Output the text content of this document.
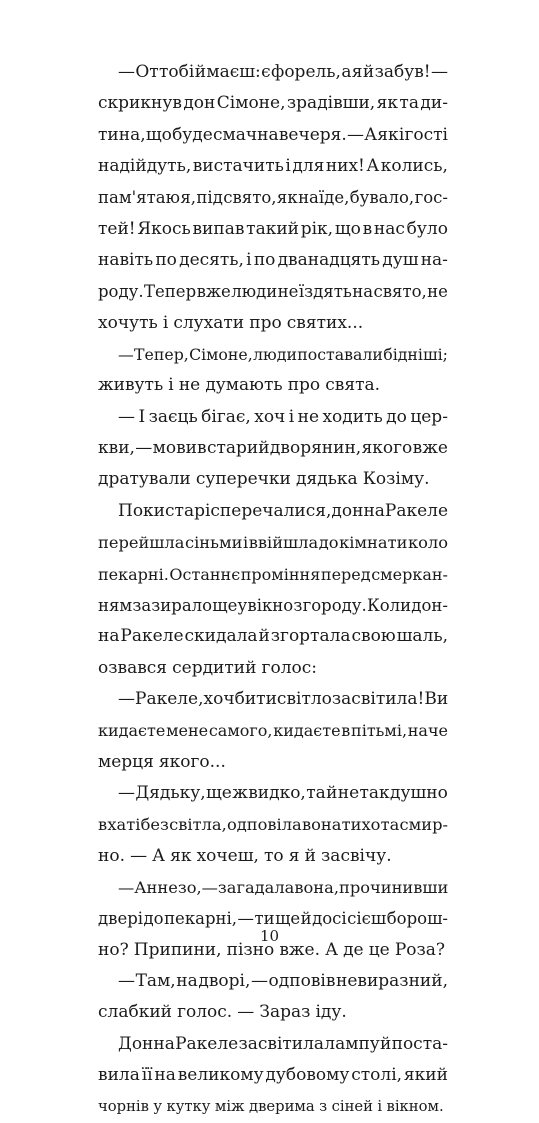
— От тобі й маєш: є форель, а я й забув! —
скрикнув дон Сімоне, зрадівши, як та ди-
тина, що буде смачна вечеря. — А як і гості
надійдуть, вистачить і для них! А колись,
пам'ятаю я, під свято, як наїде, бувало, гос-
тей! Якось випав такий рік, що в нас було
навіть по десять, і по дванадцять душ на-
роду. Тепер вже люди не їздять на свято, не
хочуть і слухати про святих...
— Тепер, Сімоне, люди поставали бідніші;
живуть і не думають про свята.
— І заєць бігає, хоч і не ходить до цер-
кви, — мовив старий дворянин, якого вже
дратували суперечки дядька Козіму.
Поки старі сперечалися, донна Ракеле
перейшла сіньми і ввійшла до кімнати коло
пекарні. Останнє проміння перед смеркан-
ням зазирало ще у вікно з городу. Коли дон-
на Ракеле скидала й згортала свою шаль,
озвався сердитий голос:
— Ракеле, хоч би ти світло засвітила! Ви
кидаєте мене самого, кидаєте в пітьмі, наче
мерця якого...
— Дядьку, ще ж видко, та й не так душно
в хаті без світла, одповіла вона тихо та смир-
но. — А як хочеш, то я й засвічу.
— Аннезо, — загадала вона, прочинивши
двері до пекарні, — ти ще й досі сієш борош-
но? Припини, пізно вже. А де це Роза?
— Там, на дворі, — одповів невиразний,
слабкий голос. — Зараз іду.
Донна Ракеле засвітила лампу й поста-
вила її на великому дубовому столі, який
чорнів у кутку між дверима з сіней і вікном.
10
